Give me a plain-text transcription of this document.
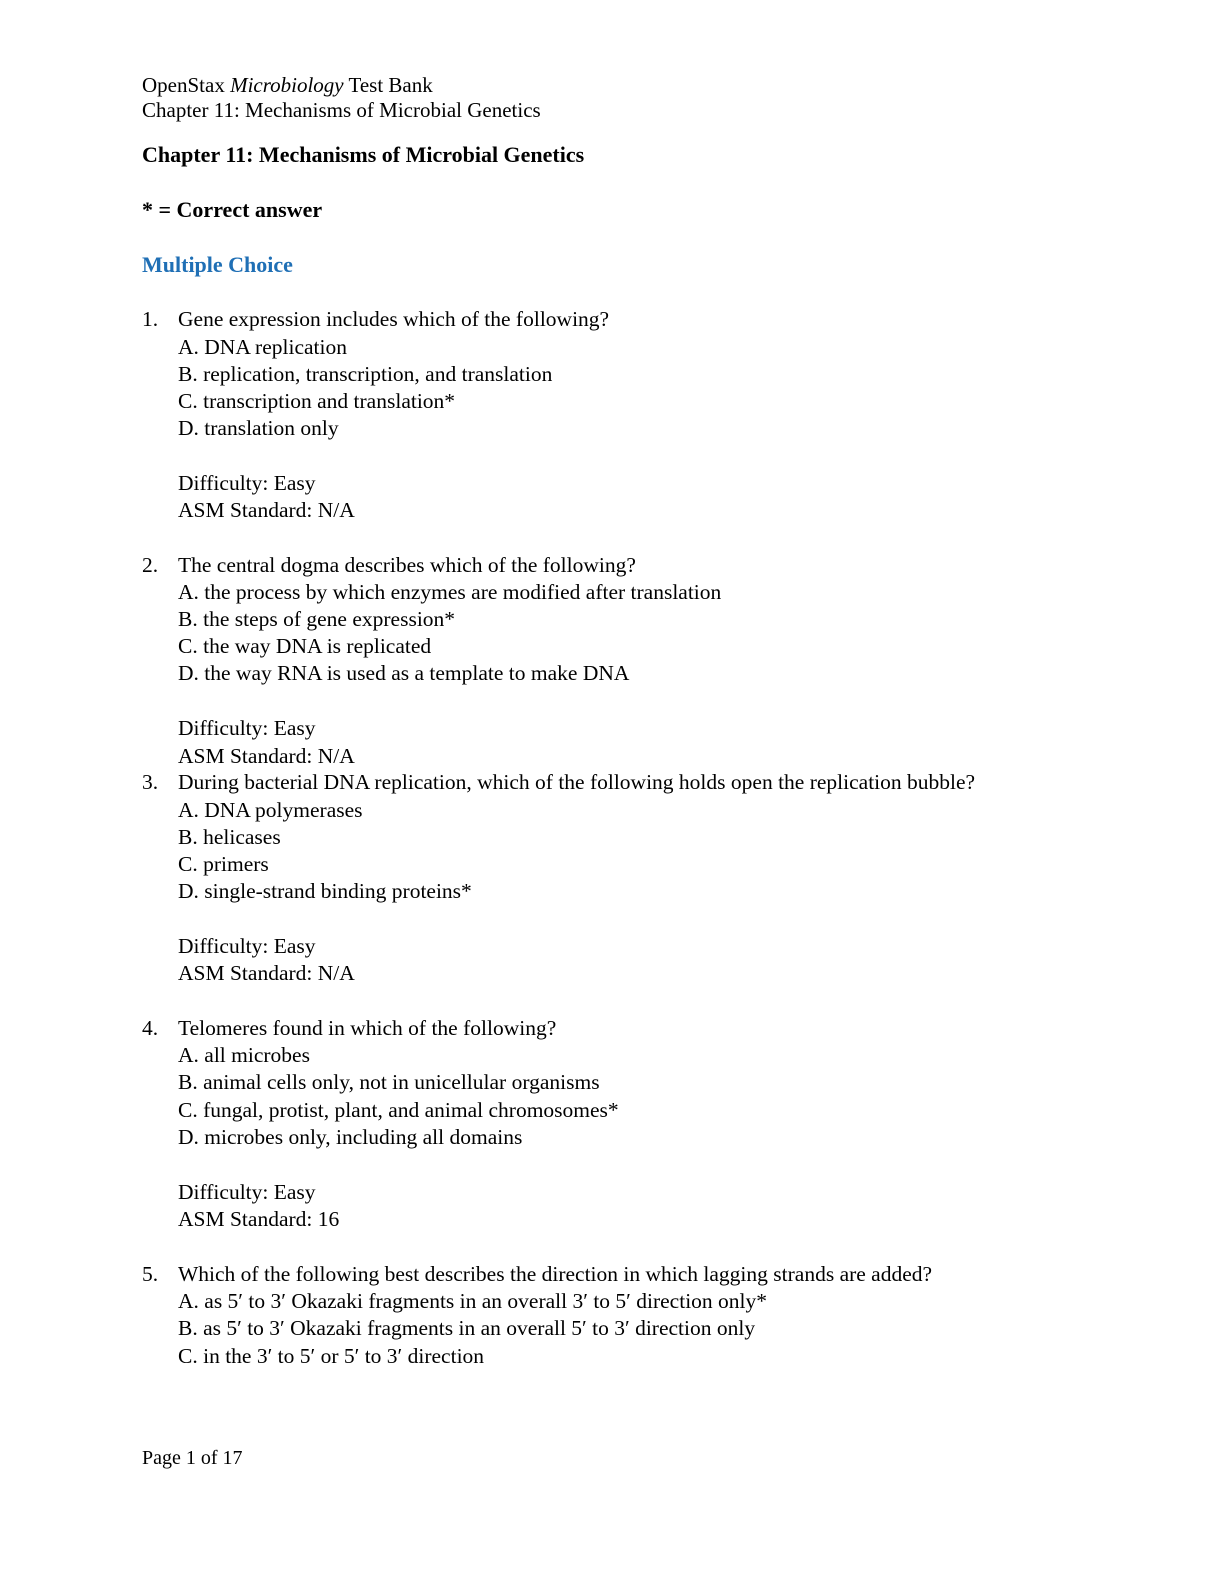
OpenStax Microbiology Test Bank
Chapter 11: Mechanisms of Microbial Genetics
Chapter 11: Mechanisms of Microbial Genetics
* = Correct answer
Multiple Choice
1. Gene expression includes which of the following?
A. DNA replication
B. replication, transcription, and translation
C. transcription and translation*
D. translation only
Difficulty: Easy
ASM Standard: N/A
2. The central dogma describes which of the following?
A. the process by which enzymes are modified after translation
B. the steps of gene expression*
C. the way DNA is replicated
D. the way RNA is used as a template to make DNA
Difficulty: Easy
ASM Standard: N/A
3. During bacterial DNA replication, which of the following holds open the replication bubble?
A. DNA polymerases
B. helicases
C. primers
D. single-strand binding proteins*
Difficulty: Easy
ASM Standard: N/A
4. Telomeres found in which of the following?
A. all microbes
B. animal cells only, not in unicellular organisms
C. fungal, protist, plant, and animal chromosomes*
D. microbes only, including all domains
Difficulty: Easy
ASM Standard: 16
5. Which of the following best describes the direction in which lagging strands are added?
A. as 5′ to 3′ Okazaki fragments in an overall 3′ to 5′ direction only*
B. as 5′ to 3′ Okazaki fragments in an overall 5′ to 3′ direction only
C. in the 3′ to 5′ or 5′ to 3′ direction
Page 1 of 17
